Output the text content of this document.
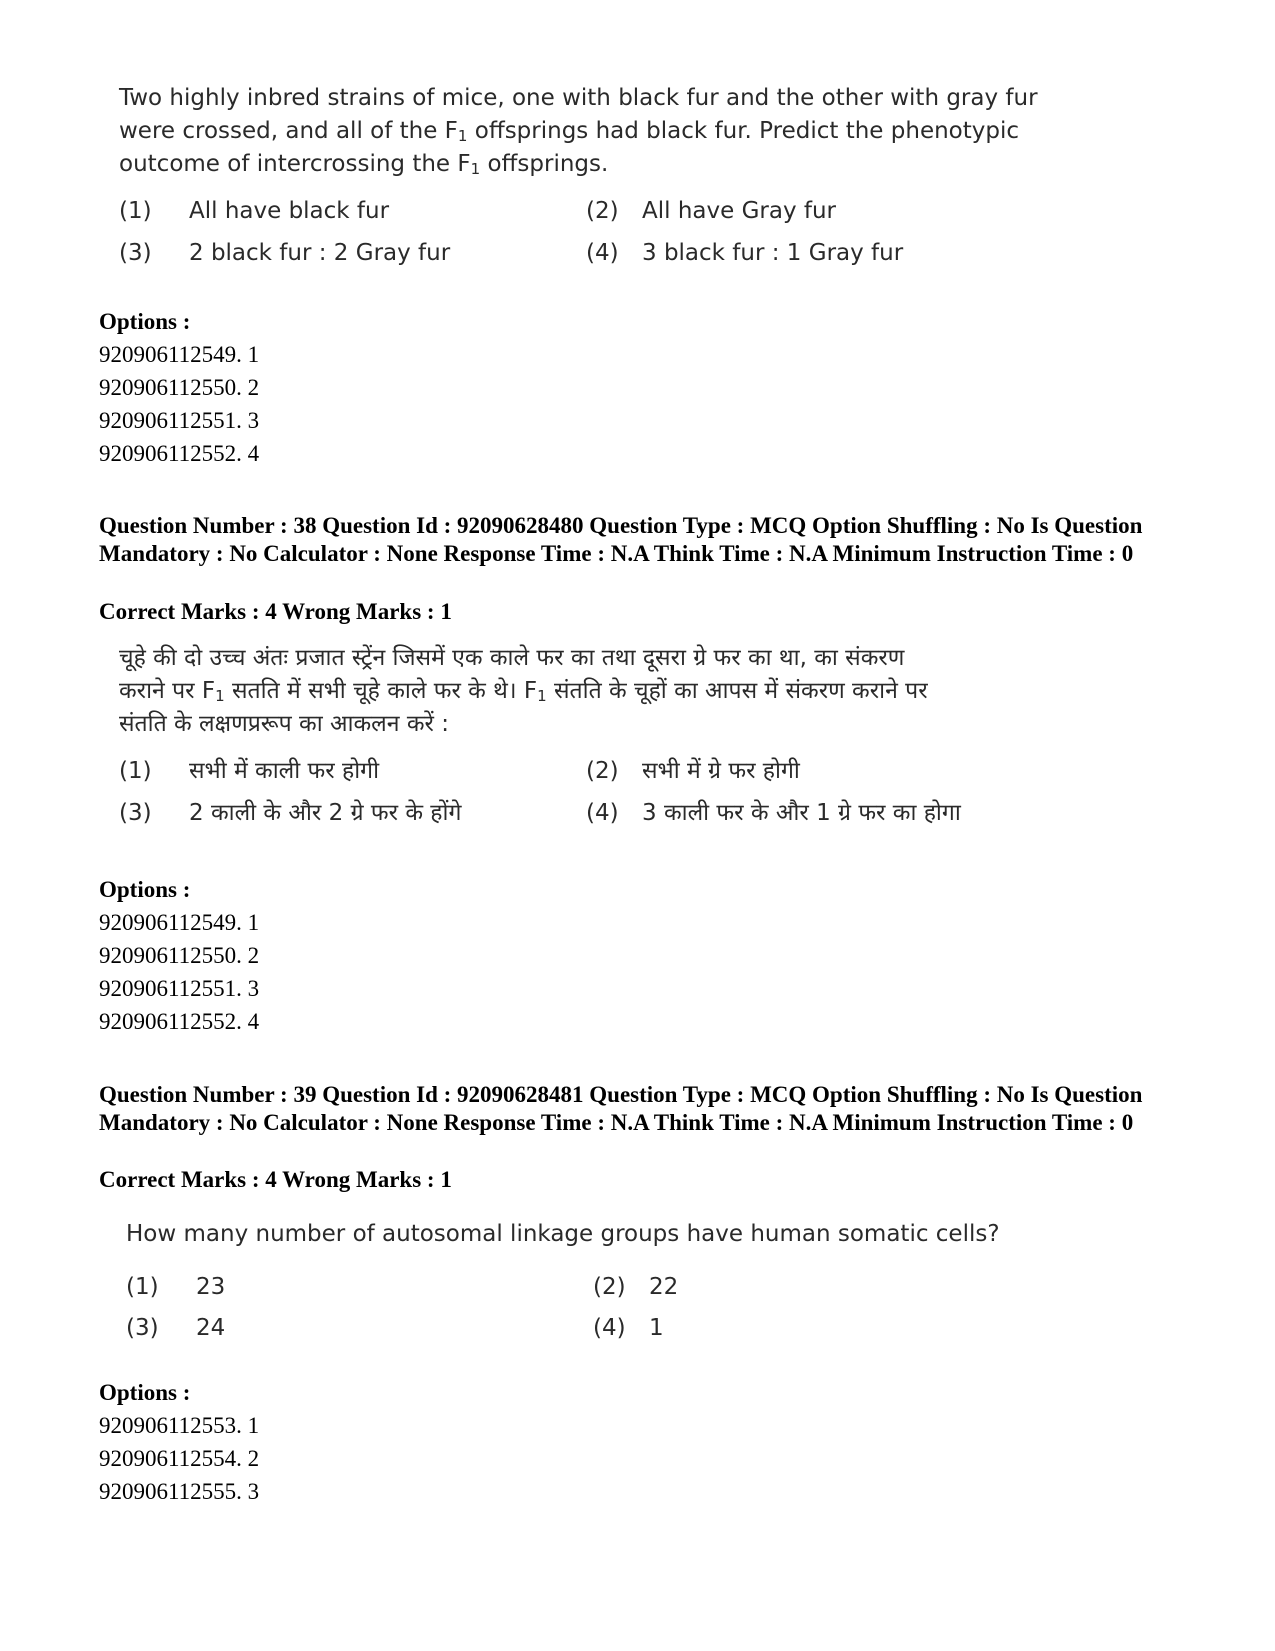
Two highly inbred strains of mice, one with black fur and the other with gray fur were crossed, and all of the $F_1$ offsprings had black fur. Predict the phenotypic outcome of intercrossing the $F_1$ offsprings.
(1) All have black fur	(2) All have Gray fur
(3) 2 black fur : 2 Gray fur	(4) 3 black fur : 1 Gray fur
Options :
920906112549. 1
920906112550. 2
920906112551. 3
920906112552. 4
Question Number : 38 Question Id : 92090628480 Question Type : MCQ Option Shuffling : No Is Question Mandatory : No Calculator : None Response Time : N.A Think Time : N.A Minimum Instruction Time : 0
Correct Marks : 4 Wrong Marks : 1
चूहे की दो उच्च अंतः प्रजात स्ट्रेंन जिसमें एक काले फर का तथा दूसरा ग्रे फर का था, का संकरण
कराने पर $F_1$ सतति में सभी चूहे काले फर के थे। $F_1$ संतति के चूहों का आपस में संकरण कराने पर
संतति के लक्षणप्ररूप का आकलन करें :
(1) सभी में काली फर होगी	(2) सभी में ग्रे फर होगी
(3) 2 काली के और 2 ग्रे फर के होंगे	(4) 3 काली फर के और 1 ग्रे फर का होगा
Options :
920906112549. 1
920906112550. 2
920906112551. 3
920906112552. 4
Question Number : 39 Question Id : 92090628481 Question Type : MCQ Option Shuffling : No Is Question Mandatory : No Calculator : None Response Time : N.A Think Time : N.A Minimum Instruction Time : 0
Correct Marks : 4 Wrong Marks : 1
How many number of autosomal linkage groups have human somatic cells?
(1) 23	(2) 22
(3) 24	(4) 1
Options :
920906112553. 1
920906112554. 2
920906112555. 3
